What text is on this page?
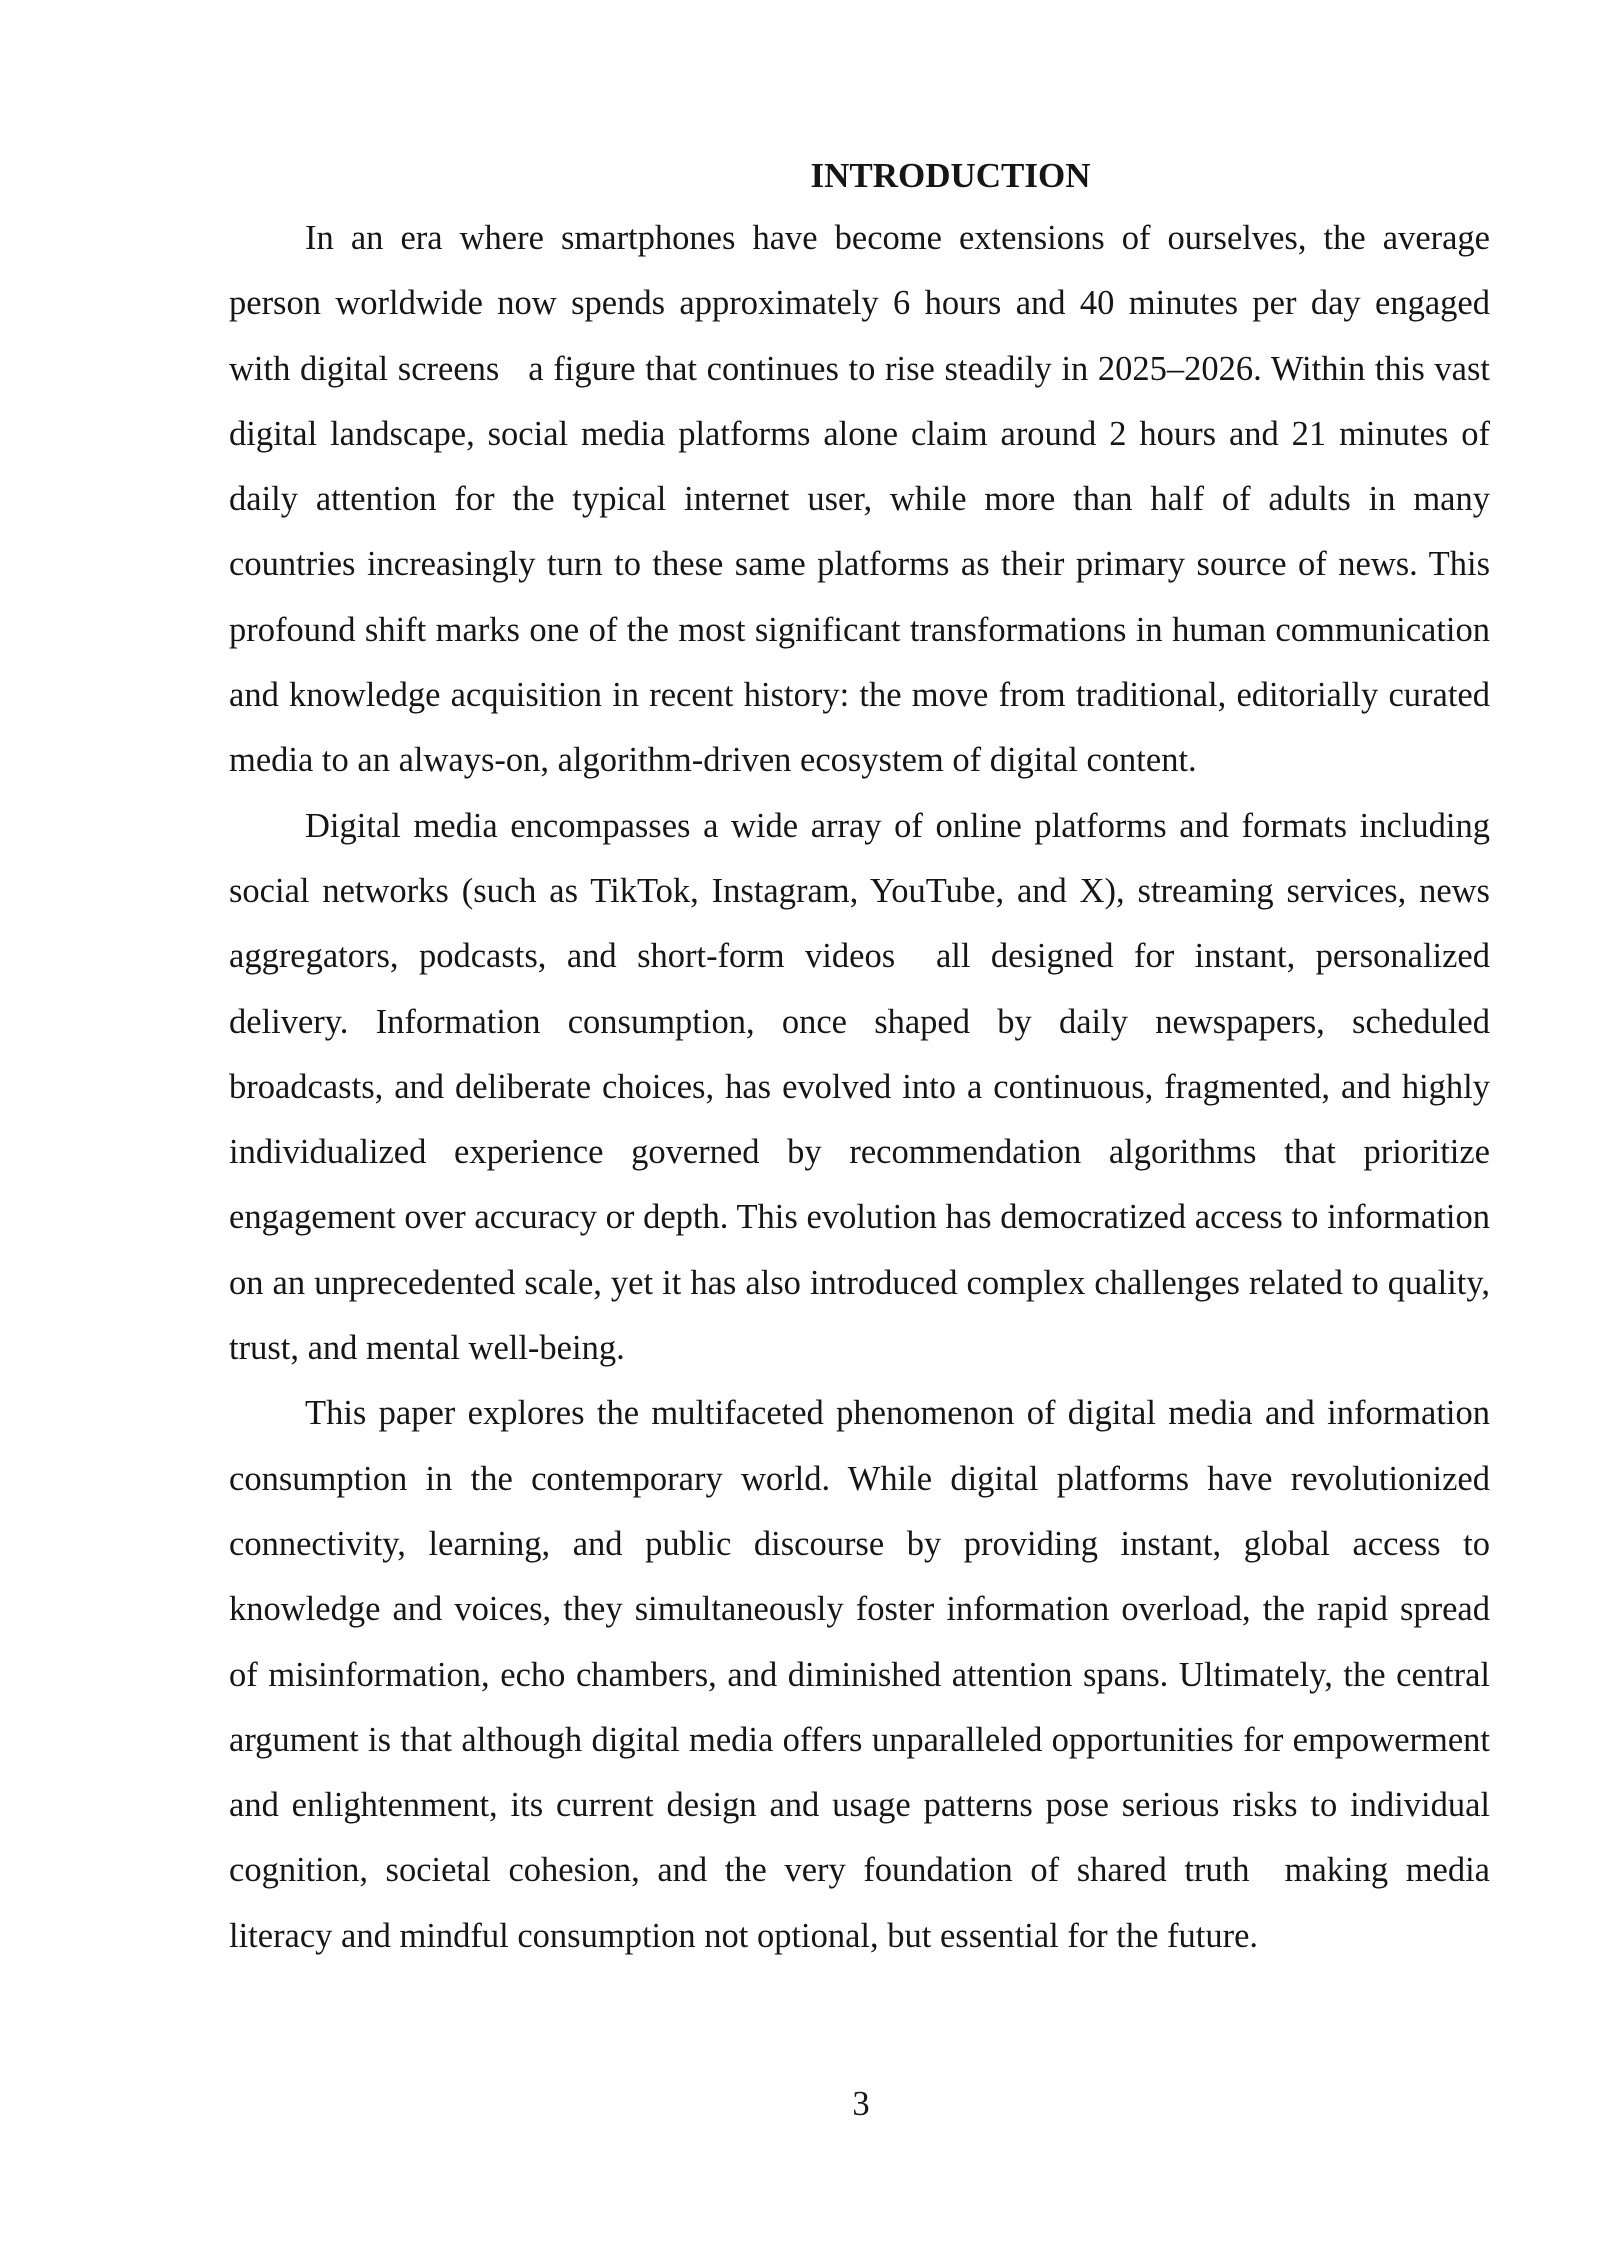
INTRODUCTION

In an era where smartphones have become extensions of ourselves, the average person worldwide now spends approximately 6 hours and 40 minutes per day engaged with digital screens   a figure that continues to rise steadily in 2025–2026. Within this vast digital landscape, social media platforms alone claim around 2 hours and 21 minutes of daily attention for the typical internet user, while more than half of adults in many countries increasingly turn to these same platforms as their primary source of news. This profound shift marks one of the most significant transformations in human communication and knowledge acquisition in recent history: the move from traditional, editorially curated media to an always-on, algorithm-driven ecosystem of digital content.

Digital media encompasses a wide array of online platforms and formats including social networks (such as TikTok, Instagram, YouTube, and X), streaming services, news aggregators, podcasts, and short-form videos  all designed for instant, personalized delivery. Information consumption, once shaped by daily newspapers, scheduled broadcasts, and deliberate choices, has evolved into a continuous, fragmented, and highly individualized experience governed by recommendation algorithms that prioritize engagement over accuracy or depth. This evolution has democratized access to information on an unprecedented scale, yet it has also introduced complex challenges related to quality, trust, and mental well-being.

This paper explores the multifaceted phenomenon of digital media and information consumption in the contemporary world. While digital platforms have revolutionized connectivity, learning, and public discourse by providing instant, global access to knowledge and voices, they simultaneously foster information overload, the rapid spread of misinformation, echo chambers, and diminished attention spans. Ultimately, the central argument is that although digital media offers unparalleled opportunities for empowerment and enlightenment, its current design and usage patterns pose serious risks to individual cognition, societal cohesion, and the very foundation of shared truth  making media literacy and mindful consumption not optional, but essential for the future.

3
